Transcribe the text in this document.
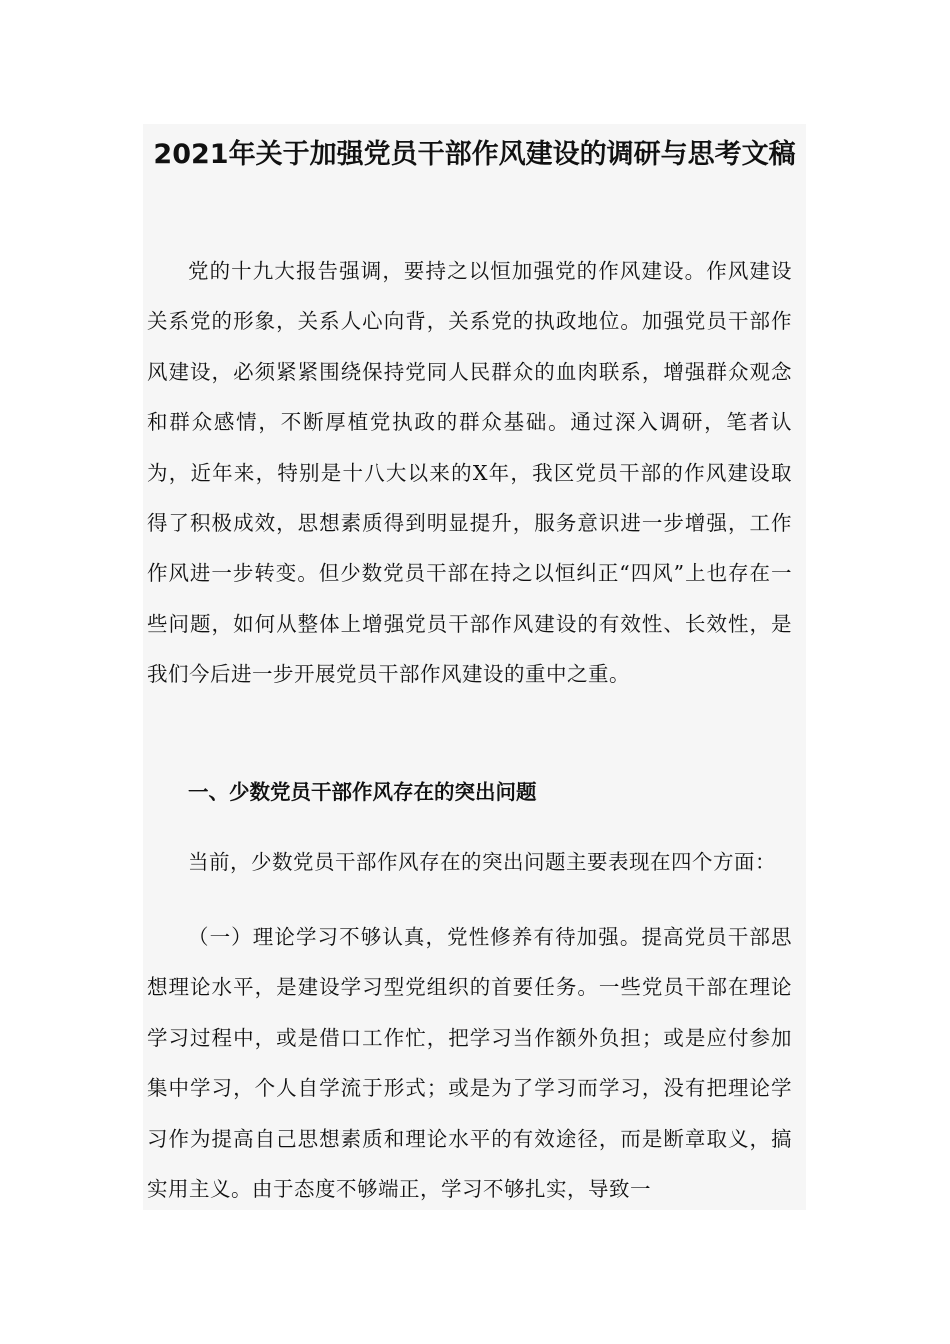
2021年关于加强党员干部作风建设的调研与思考文稿

党的十九大报告强调，要持之以恒加强党的作风建设。作风建设关系党的形象，关系人心向背，关系党的执政地位。加强党员干部作风建设，必须紧紧围绕保持党同人民群众的血肉联系，增强群众观念和群众感情，不断厚植党执政的群众基础。通过深入调研，笔者认为，近年来，特别是十八大以来的X年，我区党员干部的作风建设取得了积极成效，思想素质得到明显提升，服务意识进一步增强，工作作风进一步转变。但少数党员干部在持之以恒纠正“四风”上也存在一些问题，如何从整体上增强党员干部作风建设的有效性、长效性，是我们今后进一步开展党员干部作风建设的重中之重。

一、少数党员干部作风存在的突出问题

当前，少数党员干部作风存在的突出问题主要表现在四个方面：

（一）理论学习不够认真，党性修养有待加强。提高党员干部思想理论水平，是建设学习型党组织的首要任务。一些党员干部在理论学习过程中，或是借口工作忙，把学习当作额外负担；或是应付参加集中学习，个人自学流于形式；或是为了学习而学习，没有把理论学习作为提高自己思想素质和理论水平的有效途径，而是断章取义，搞实用主义。由于态度不够端正，学习不够扎实，导致一
